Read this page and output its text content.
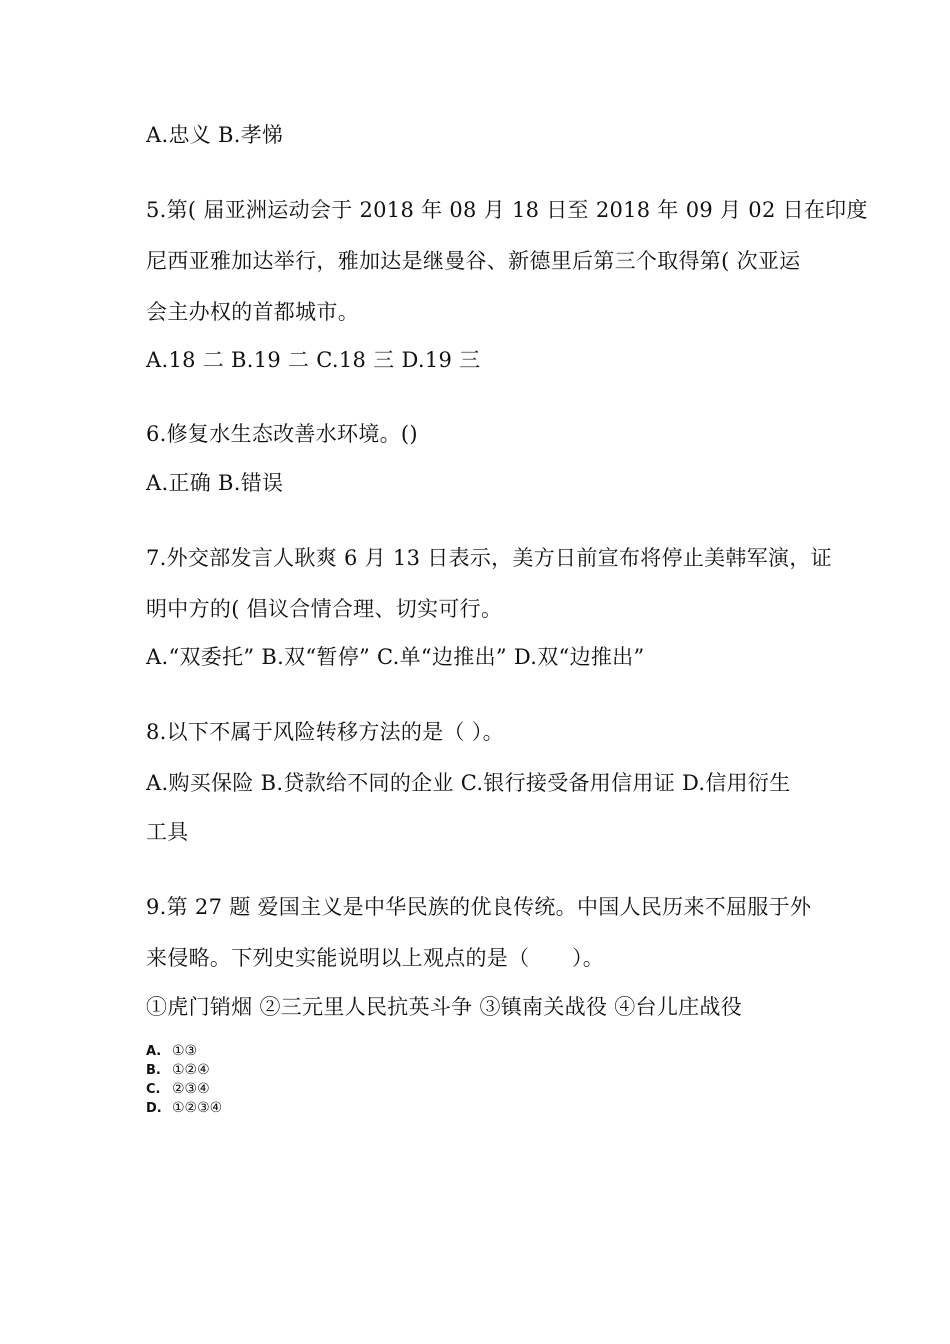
A.忠义 B.孝悌
5.第( 届亚洲运动会于 2018 年 08 月 18 日至 2018 年 09 月 02 日在印度
尼西亚雅加达举行，雅加达是继曼谷、新德里后第三个取得第( 次亚运
会主办权的首都城市。
A.18 二 B.19 二 C.18 三 D.19 三
6.修复水生态改善水环境。()
A.正确 B.错误
7.外交部发言人耿爽 6 月 13 日表示，美方日前宣布将停止美韩军演，证
明中方的( 倡议合情合理、切实可行。
A.“双委托” B.双“暂停” C.单“边推出” D.双“边推出”
8.以下不属于风险转移方法的是（ ）。
A.购买保险 B.贷款给不同的企业 C.银行接受备用信用证 D.信用衍生
工具
9.第 27 题 爱国主义是中华民族的优良传统。中国人民历来不屈服于外
来侵略。下列史实能说明以上观点的是（　　）。
①虎门销烟 ②三元里人民抗英斗争 ③镇南关战役 ④台儿庄战役
A. ①③
B. ①②④
C. ②③④
D. ①②③④
